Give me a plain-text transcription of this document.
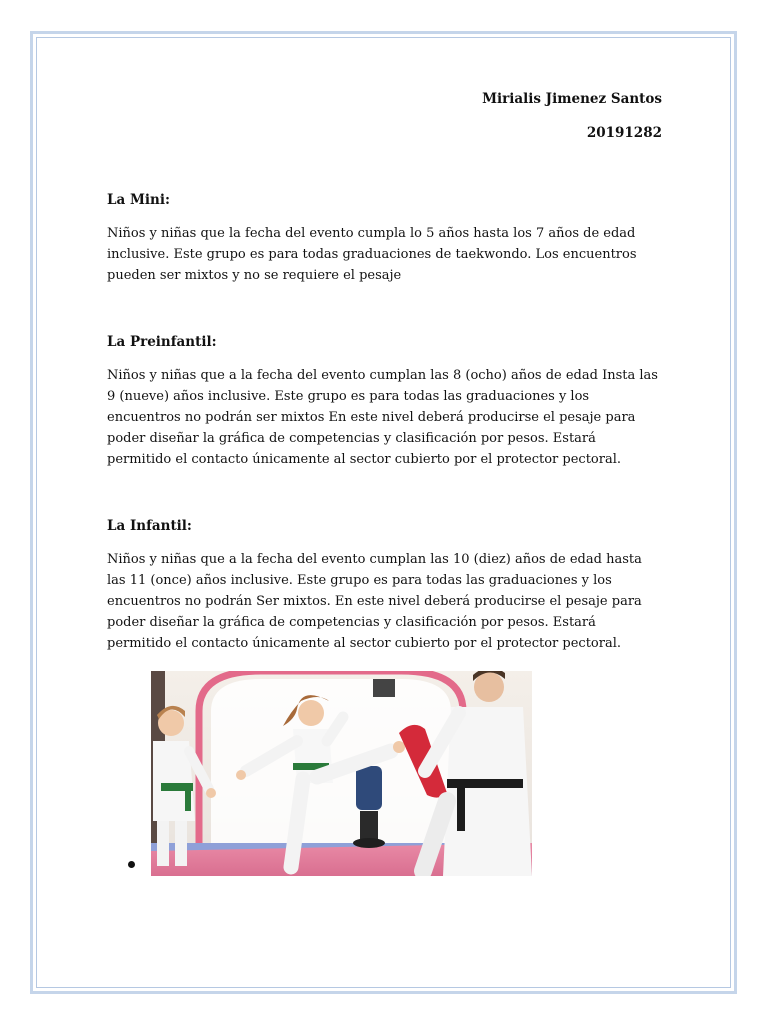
Mirialis Jimenez Santos

20191282

La Mini:

Niños y niñas que la fecha del evento cumpla lo 5 años hasta los 7 años de edad inclusive. Este grupo es para todas graduaciones de taekwondo. Los encuentros pueden ser mixtos y no se requiere el pesaje

La Preinfantil:

Niños y niñas que a la fecha del evento cumplan las 8 (ocho) años de edad Insta las 9 (nueve) años inclusive. Este grupo es para todas las graduaciones y los encuentros no podrán ser mixtos En este nivel deberá producirse el pesaje para poder diseñar la gráfica de competencias y clasificación por pesos. Estará permitido el contacto únicamente al sector cubierto por el protector pectoral.

La Infantil:

Niños y niñas que a la fecha del evento cumplan las 10 (diez) años de edad hasta las 11 (once) años inclusive. Este grupo es para todas las graduaciones y los encuentros no podrán Ser mixtos. En este nivel deberá producirse el pesaje para poder diseñar la gráfica de competencias y clasificación por pesos. Estará permitido el contacto únicamente al sector cubierto por el protector pectoral.
